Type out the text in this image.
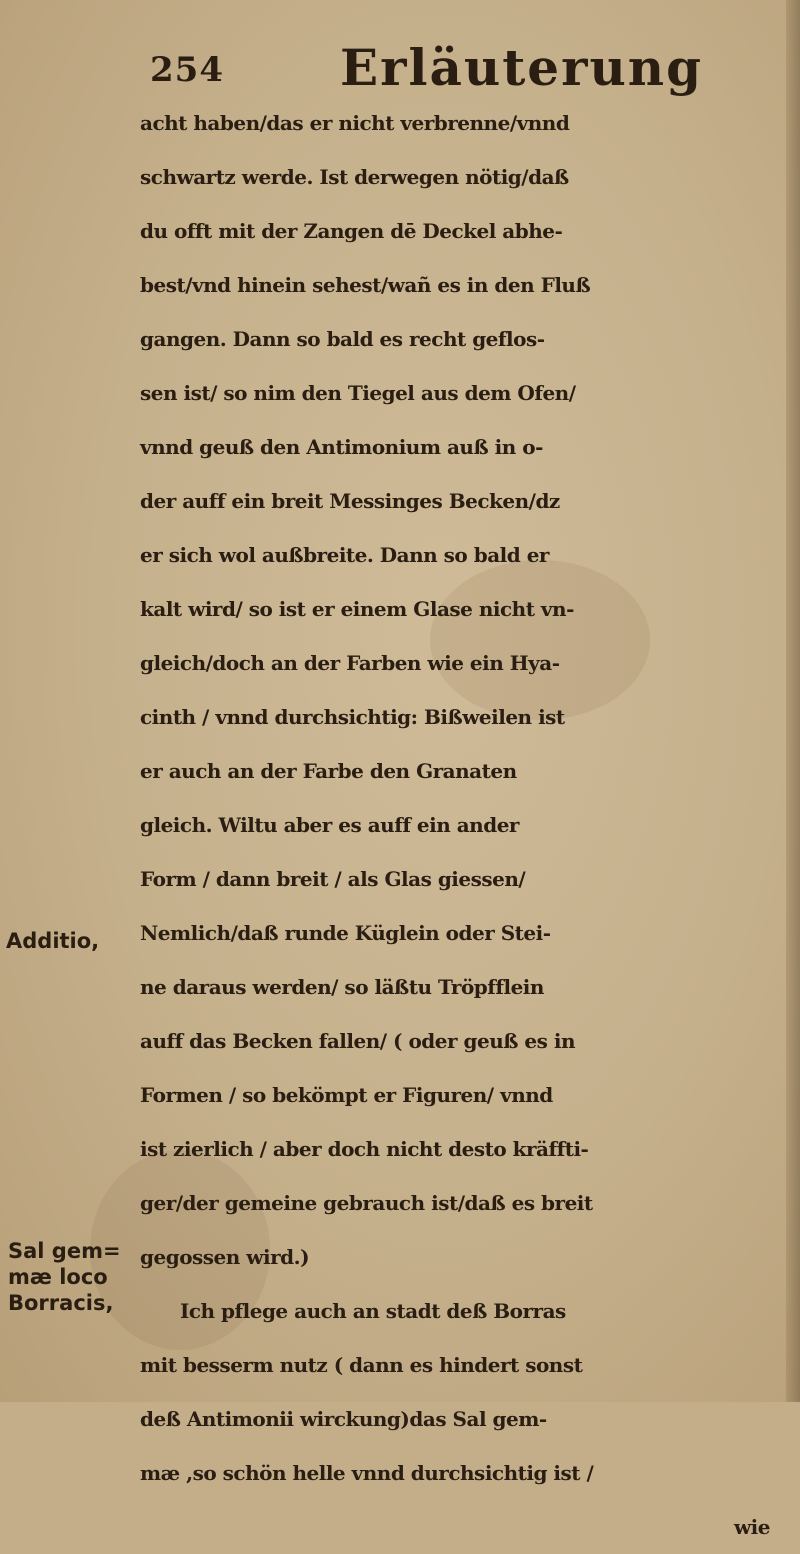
254 Erläuterung
Additio,
Sal gem=
mæ loco
Borracis,
acht haben/das er nicht verbrenne/vnnd
schwartz werde. Ist derwegen nötig/daß
du offt mit der Zangen dē Deckel abhe-
best/vnd hinein sehest/wañ es in den Fluß
gangen. Dann so bald es recht geflos-
sen ist/ so nim den Tiegel aus dem Ofen/
vnnd geuß den Antimonium auß in o-
der auff ein breit Messinges Becken/dz
er sich wol außbreite. Dann so bald er
kalt wird/ so ist er einem Glase nicht vn-
gleich/doch an der Farben wie ein Hya-
cinth / vnnd durchsichtig: Bißweilen ist
er auch an der Farbe den Granaten
gleich. Wiltu aber es auff ein ander
Form / dann breit / als Glas giessen/
Nemlich/daß runde Küglein oder Stei-
ne daraus werden/ so läßtu Tröpfflein
auff das Becken fallen/ ( oder geuß es in
Formen / so bekömpt er Figuren/ vnnd
ist zierlich / aber doch nicht desto kräffti-
ger/der gemeine gebrauch ist/daß es breit
gegossen wird.)
Ich pflege auch an stadt deß Borras
mit besserm nutz ( dann es hindert sonst
deß Antimonii wirckung)das Sal gem-
mæ ,so schön helle vnnd durchsichtig ist /
wie
